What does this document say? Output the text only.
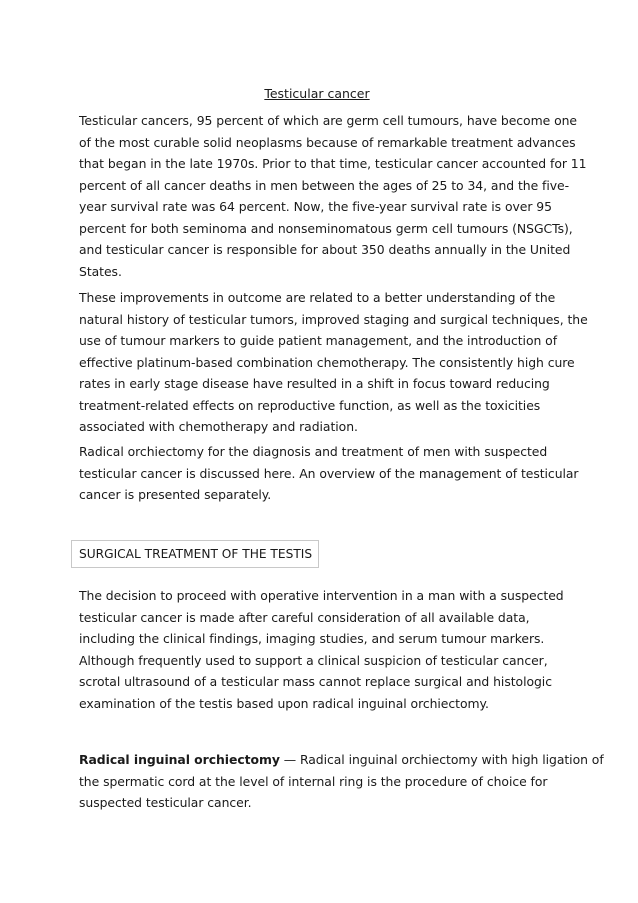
Testicular cancer

Testicular cancers, 95 percent of which are germ cell tumours, have become one
of the most curable solid neoplasms because of remarkable treatment advances
that began in the late 1970s. Prior to that time, testicular cancer accounted for 11
percent of all cancer deaths in men between the ages of 25 to 34, and the five-
year survival rate was 64 percent. Now, the five-year survival rate is over 95
percent for both seminoma and nonseminomatous germ cell tumours (NSGCTs),
and testicular cancer is responsible for about 350 deaths annually in the United
States.

These improvements in outcome are related to a better understanding of the
natural history of testicular tumors, improved staging and surgical techniques, the
use of tumour markers to guide patient management, and the introduction of
effective platinum-based combination chemotherapy. The consistently high cure
rates in early stage disease have resulted in a shift in focus toward reducing
treatment-related effects on reproductive function, as well as the toxicities
associated with chemotherapy and radiation.

Radical orchiectomy for the diagnosis and treatment of men with suspected
testicular cancer is discussed here. An overview of the management of testicular
cancer is presented separately.

SURGICAL TREATMENT OF THE TESTIS

The decision to proceed with operative intervention in a man with a suspected
testicular cancer is made after careful consideration of all available data,
including the clinical findings, imaging studies, and serum tumour markers.
Although frequently used to support a clinical suspicion of testicular cancer,
scrotal ultrasound of a testicular mass cannot replace surgical and histologic
examination of the testis based upon radical inguinal orchiectomy.

Radical inguinal orchiectomy — Radical inguinal orchiectomy with high ligation of
the spermatic cord at the level of internal ring is the procedure of choice for
suspected testicular cancer.
